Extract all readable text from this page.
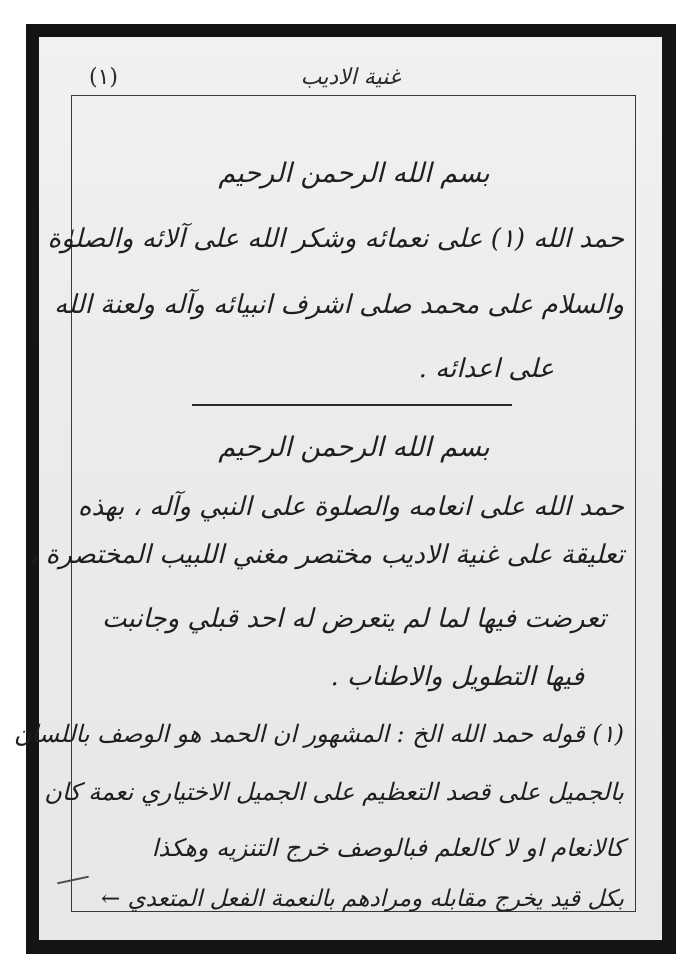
(١)	غنية الاديب
بسم الله الرحمن الرحيم
حمد الله (١) على نعمائه وشكر الله على آلائه والصلوٰة
والسلام على محمد صلى اشرف انبيائه وآله ولعنة الله
على اعدائه .
بسم الله الرحمن الرحيم
حمد الله على انعامه والصلوة على النبي وآله ، بهذه
تعليقة على غنية الاديب مختصر مغني اللبيب المختصرة ،
تعرضت فيها لما لم يتعرض له احد قبلي وجانبت
فيها التطويل والاطناب .
(١) قوله حمد الله الخ : المشهور ان الحمد هو الوصف باللسان
بالجميل على قصد التعظيم على الجميل الاختياري نعمة كان
كالانعام او لا كالعلم فبالوصف خرج التنزيه وهكذا
بكل قيد يخرج مقابله ومرادهم بالنعمة الفعل المتعدي ←
